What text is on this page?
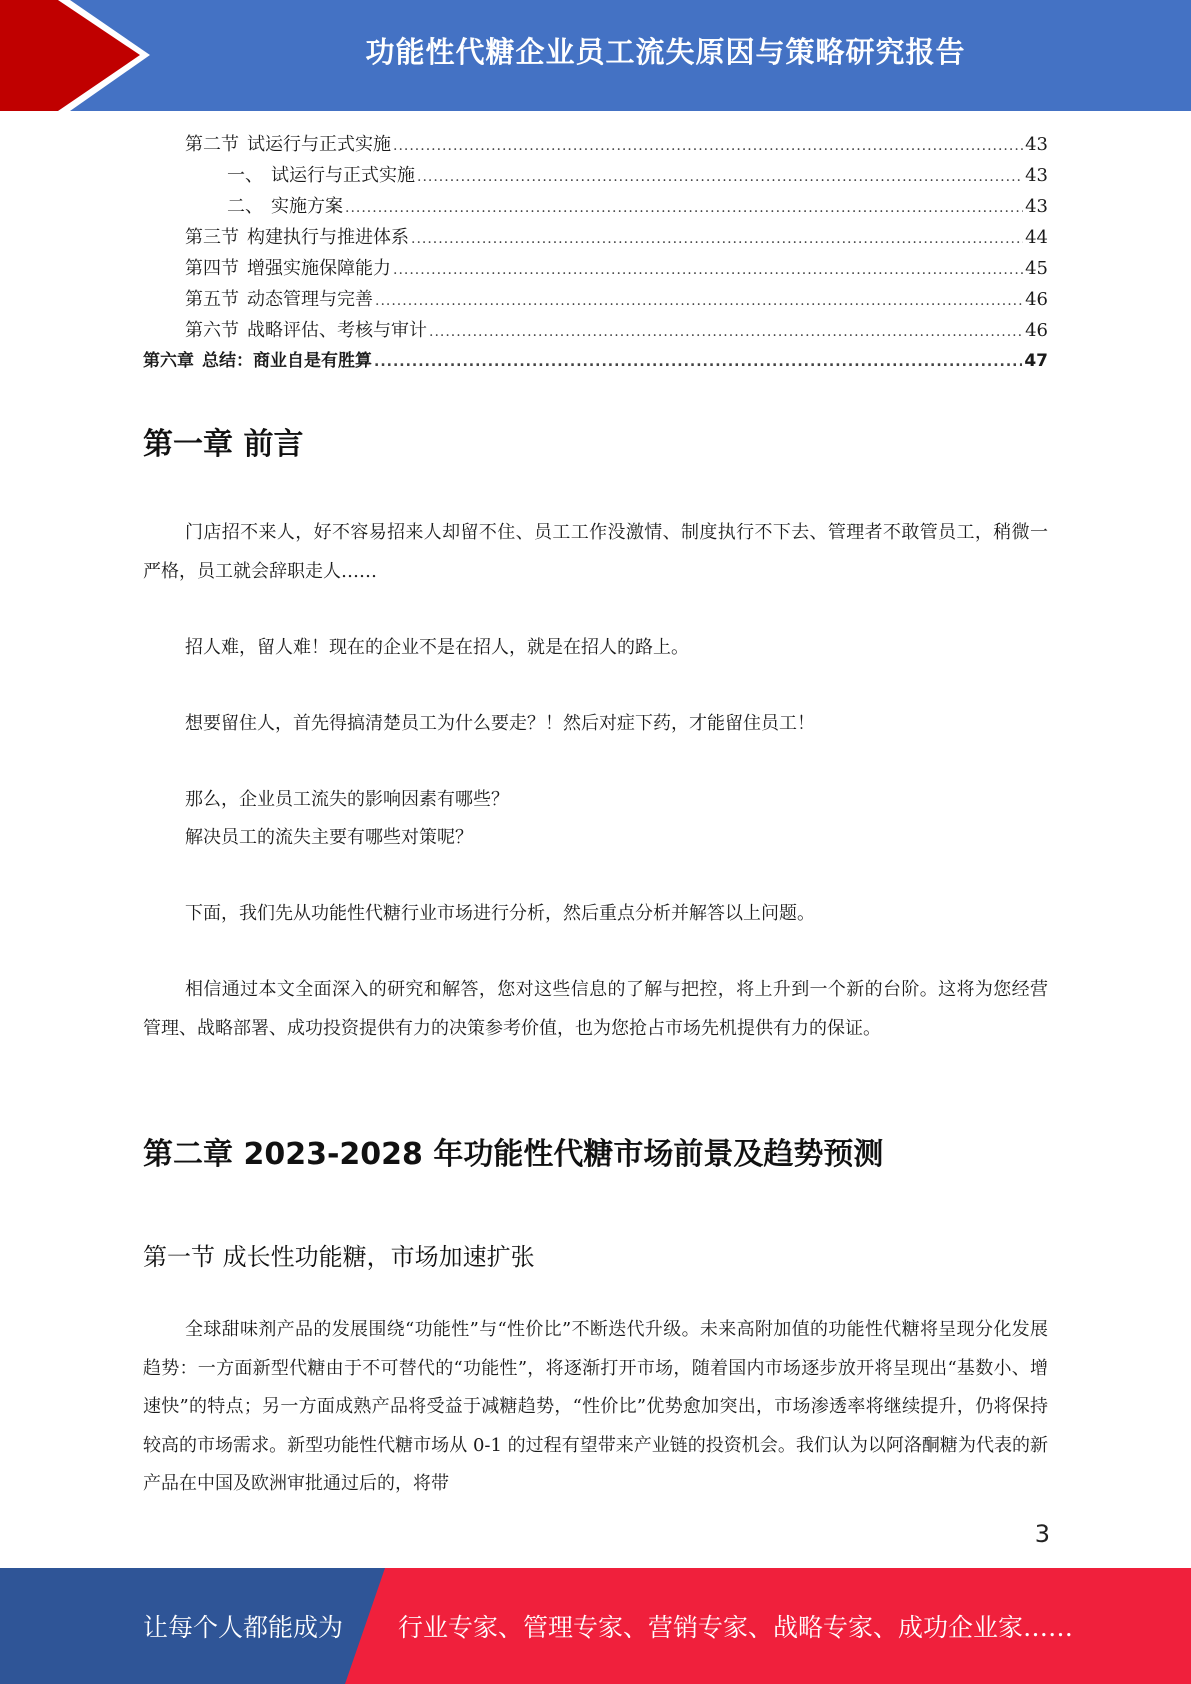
功能性代糖企业员工流失原因与策略研究报告
第二节 试运行与正式实施 .....	43
一、 试运行与正式实施 .....	43
二、 实施方案 .....	43
第三节 构建执行与推进体系 .....	44
第四节 增强实施保障能力 .....	45
第五节 动态管理与完善 .....	46
第六节 战略评估、考核与审计 .....	46
第六章 总结：商业自是有胜算 .....	47
第一章 前言

门店招不来人，好不容易招来人却留不住、员工工作没激情、制度执行不下去、管理者不敢管员工，稍微一严格，员工就会辞职走人……

招人难，留人难！现在的企业不是在招人，就是在招人的路上。

想要留住人，首先得搞清楚员工为什么要走？！然后对症下药，才能留住员工！

那么，企业员工流失的影响因素有哪些？

解决员工的流失主要有哪些对策呢？

下面，我们先从功能性代糖行业市场进行分析，然后重点分析并解答以上问题。

相信通过本文全面深入的研究和解答，您对这些信息的了解与把控，将上升到一个新的台阶。这将为您经营管理、战略部署、成功投资提供有力的决策参考价值，也为您抢占市场先机提供有力的保证。

第二章 2023-2028 年功能性代糖市场前景及趋势预测
第一节 成长性功能糖，市场加速扩张

全球甜味剂产品的发展围绕“功能性”与“性价比”不断迭代升级。未来高附加值的功能性代糖将呈现分化发展趋势：一方面新型代糖由于不可替代的“功能性”，将逐渐打开市场，随着国内市场逐步放开将呈现出“基数小、增速快”的特点；另一方面成熟产品将受益于减糖趋势，“性价比”优势愈加突出，市场渗透率将继续提升，仍将保持较高的市场需求。新型功能性代糖市场从 0-1 的过程有望带来产业链的投资机会。我们认为以阿洛酮糖为代表的新产品在中国及欧洲审批通过后的，将带

3
让每个人都能成为 行业专家、管理专家、营销专家、战略专家、成功企业家……
